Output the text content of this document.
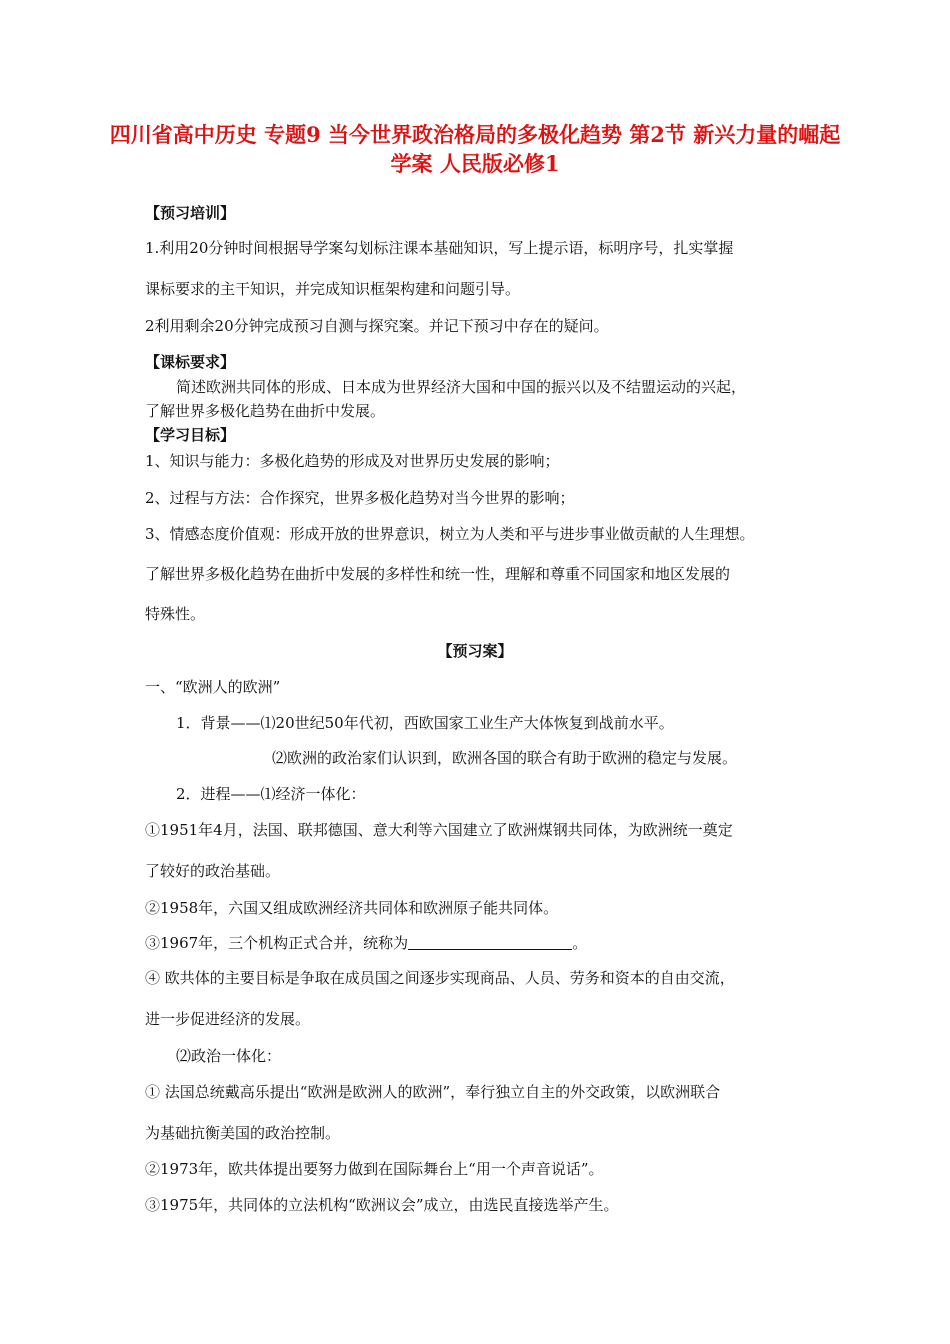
四川省高中历史 专题9 当今世界政治格局的多极化趋势 第2节 新兴力量的崛起学案 人民版必修1

【预习培训】

1.利用20分钟时间根据导学案勾划标注课本基础知识，写上提示语，标明序号，扎实掌握

课标要求的主干知识，并完成知识框架构建和问题引导。

2利用剩余20分钟完成预习自测与探究案。并记下预习中存在的疑问。

【课标要求】

简述欧洲共同体的形成、日本成为世界经济大国和中国的振兴以及不结盟运动的兴起，

了解世界多极化趋势在曲折中发展。

【学习目标】

1、知识与能力：多极化趋势的形成及对世界历史发展的影响；

2、过程与方法：合作探究，世界多极化趋势对当今世界的影响；

3、情感态度价值观：形成开放的世界意识，树立为人类和平与进步事业做贡献的人生理想。

了解世界多极化趋势在曲折中发展的多样性和统一性，理解和尊重不同国家和地区发展的

特殊性。

【预习案】

一、“欧洲人的欧洲”

1．背景——⑴20世纪50年代初，西欧国家工业生产大体恢复到战前水平。

⑵欧洲的政治家们认识到，欧洲各国的联合有助于欧洲的稳定与发展。

2．进程——⑴经济一体化：

①1951年4月，法国、联邦德国、意大利等六国建立了欧洲煤钢共同体，为欧洲统一奠定

了较好的政治基础。

②1958年，六国又组成欧洲经济共同体和欧洲原子能共同体。

③1967年，三个机构正式合并，统称为	。

④ 欧共体的主要目标是争取在成员国之间逐步实现商品、人员、劳务和资本的自由交流，

进一步促进经济的发展。

⑵政治一体化：

① 法国总统戴高乐提出“欧洲是欧洲人的欧洲”，奉行独立自主的外交政策，以欧洲联合

为基础抗衡美国的政治控制。

②1973年，欧共体提出要努力做到在国际舞台上“用一个声音说话”。

③1975年，共同体的立法机构“欧洲议会”成立，由选民直接选举产生。
